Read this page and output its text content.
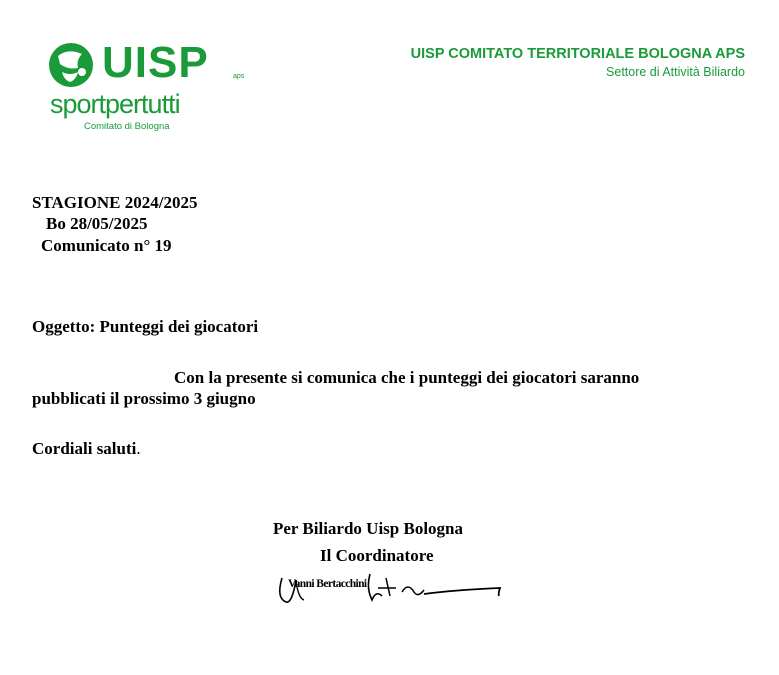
UISP	aps
sportpertutti
Comitato di Bologna
UISP COMITATO TERRITORIALE BOLOGNA APS
Settore di Attività Biliardo
STAGIONE 2024/2025
Bo 28/05/2025
Comunicato n° 19
Oggetto: Punteggi dei giocatori
Con la presente si comunica che i punteggi dei giocatori saranno
pubblicati il prossimo 3 giugno
Cordiali saluti.
Per Biliardo Uisp Bologna
Il Coordinatore
Vanni Bertacchini
